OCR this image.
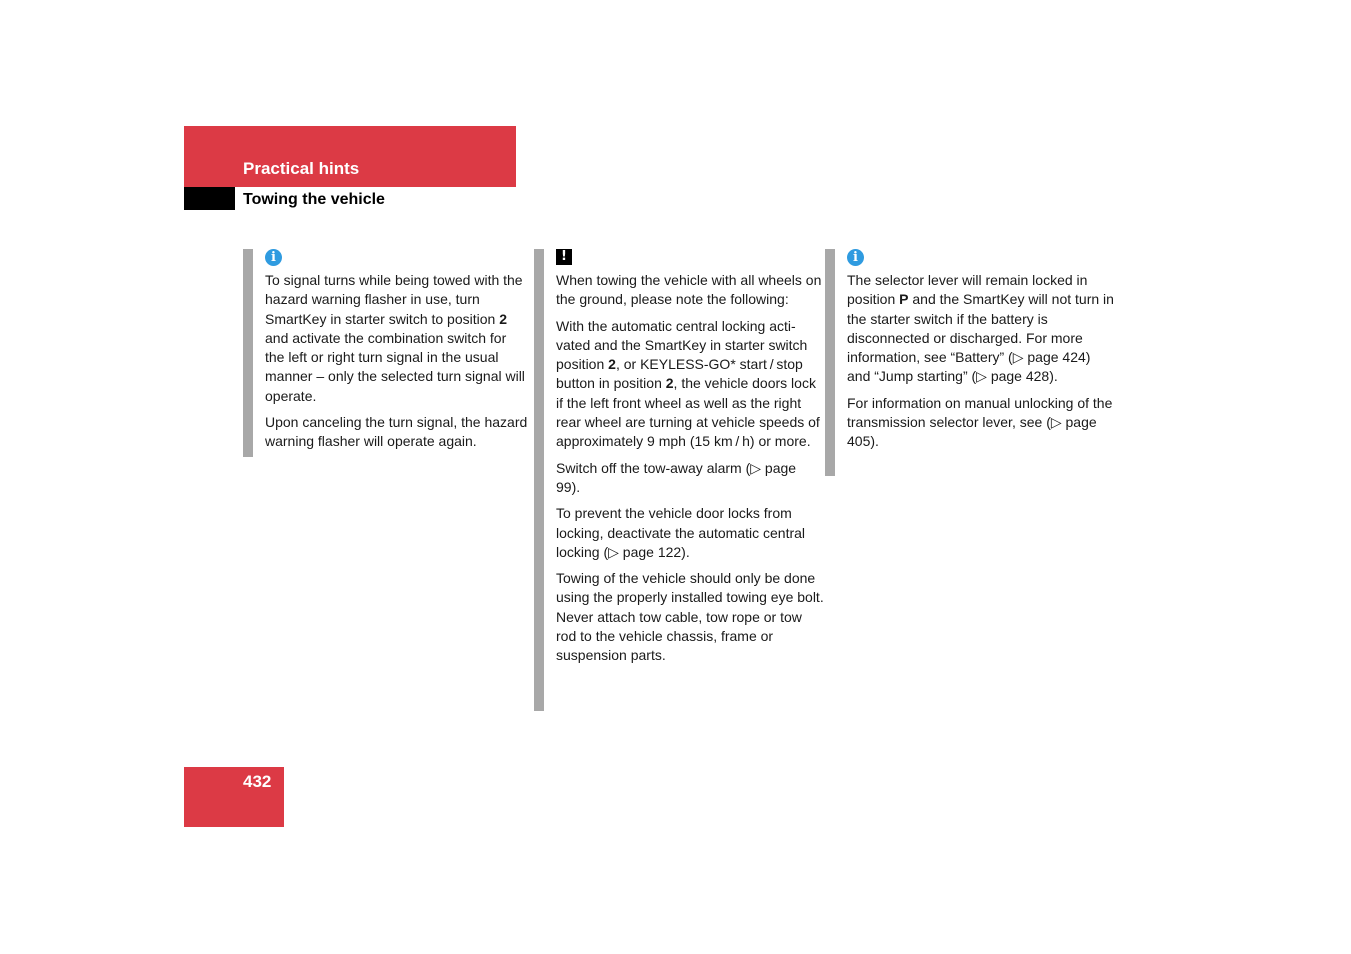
Practical hints
Towing the vehicle
i

To signal turns while being towed with the hazard warning flasher in use, turn SmartKey in starter switch to position 2 and activate the combination switch for the left or right turn signal in the usual manner – only the selected turn signal will operate.

Upon canceling the turn signal, the hazard warning flasher will operate again.

!

When towing the vehicle with all wheels on the ground, please note the following:

With the automatic central locking activated and the SmartKey in starter switch position 2, or KEYLESS-GO* start / stop button in position 2, the vehicle doors lock if the left front wheel as well as the right rear wheel are turning at vehicle speeds of approximately 9 mph (15 km / h) or more.

Switch off the tow-away alarm (▷ page 99).

To prevent the vehicle door locks from locking, deactivate the automatic central locking (▷ page 122).

Towing of the vehicle should only be done using the properly installed towing eye bolt. Never attach tow cable, tow rope or tow rod to the vehicle chassis, frame or suspension parts.

i

The selector lever will remain locked in position P and the SmartKey will not turn in the starter switch if the battery is disconnected or discharged. For more information, see “Battery” (▷ page 424) and “Jump starting” (▷ page 428).

For information on manual unlocking of the transmission selector lever, see (▷ page 405).

432
